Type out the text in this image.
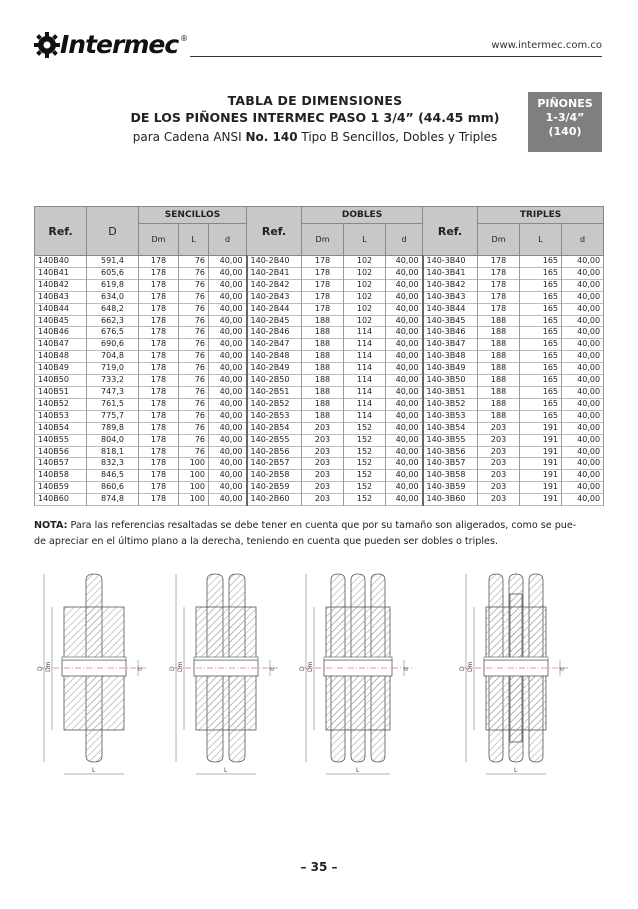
Intermec ®
www.intermec.com.co
TABLA DE DIMENSIONES
DE LOS PIÑONES INTERMEC PASO 1 3/4” (44.45 mm)
para Cadena ANSI No. 140 Tipo B Sencillos, Dobles y Triples
PIÑONES
1-3/4”
(140)
Ref.	D	SENCILLOS			Ref.	DOBLES			Ref.	TRIPLES		
		Dm	L	d		Dm	L	d		Dm	L	d
140B40	591,4	178	76	40,00	140-2B40	178	102	40,00	140-3B40	178	165	40,00
140B41	605,6	178	76	40,00	140-2B41	178	102	40,00	140-3B41	178	165	40,00
140B42	619,8	178	76	40,00	140-2B42	178	102	40,00	140-3B42	178	165	40,00
140B43	634,0	178	76	40,00	140-2B43	178	102	40,00	140-3B43	178	165	40,00
140B44	648,2	178	76	40,00	140-2B44	178	102	40,00	140-3B44	178	165	40,00
140B45	662,3	178	76	40,00	140-2B45	188	102	40,00	140-3B45	188	165	40,00
140B46	676,5	178	76	40,00	140-2B46	188	114	40,00	140-3B46	188	165	40,00
140B47	690,6	178	76	40,00	140-2B47	188	114	40,00	140-3B47	188	165	40,00
140B48	704,8	178	76	40,00	140-2B48	188	114	40,00	140-3B48	188	165	40,00
140B49	719,0	178	76	40,00	140-2B49	188	114	40,00	140-3B49	188	165	40,00
140B50	733,2	178	76	40,00	140-2B50	188	114	40,00	140-3B50	188	165	40,00
140B51	747,3	178	76	40,00	140-2B51	188	114	40,00	140-3B51	188	165	40,00
140B52	761,5	178	76	40,00	140-2B52	188	114	40,00	140-3B52	188	165	40,00
140B53	775,7	178	76	40,00	140-2B53	188	114	40,00	140-3B53	188	165	40,00
140B54	789,8	178	76	40,00	140-2B54	203	152	40,00	140-3B54	203	191	40,00
140B55	804,0	178	76	40,00	140-2B55	203	152	40,00	140-3B55	203	191	40,00
140B56	818,1	178	76	40,00	140-2B56	203	152	40,00	140-3B56	203	191	40,00
140B57	832,3	178	100	40,00	140-2B57	203	152	40,00	140-3B57	203	191	40,00
140B58	846,5	178	100	40,00	140-2B58	203	152	40,00	140-3B58	203	191	40,00
140B59	860,6	178	100	40,00	140-2B59	203	152	40,00	140-3B59	203	191	40,00
140B60	874,8	178	100	40,00	140-2B60	203	152	40,00	140-3B60	203	191	40,00
NOTA: Para las referencias resaltadas se debe tener en cuenta que por su tamaño son aligerados, como se pue-
de apreciar en el último plano a la derecha, teniendo en cuenta que pueden ser dobles o triples.
D Dm	d
L
D Dm	d
L
D Dm	d
L
D Dm	d
L
– 35 –
